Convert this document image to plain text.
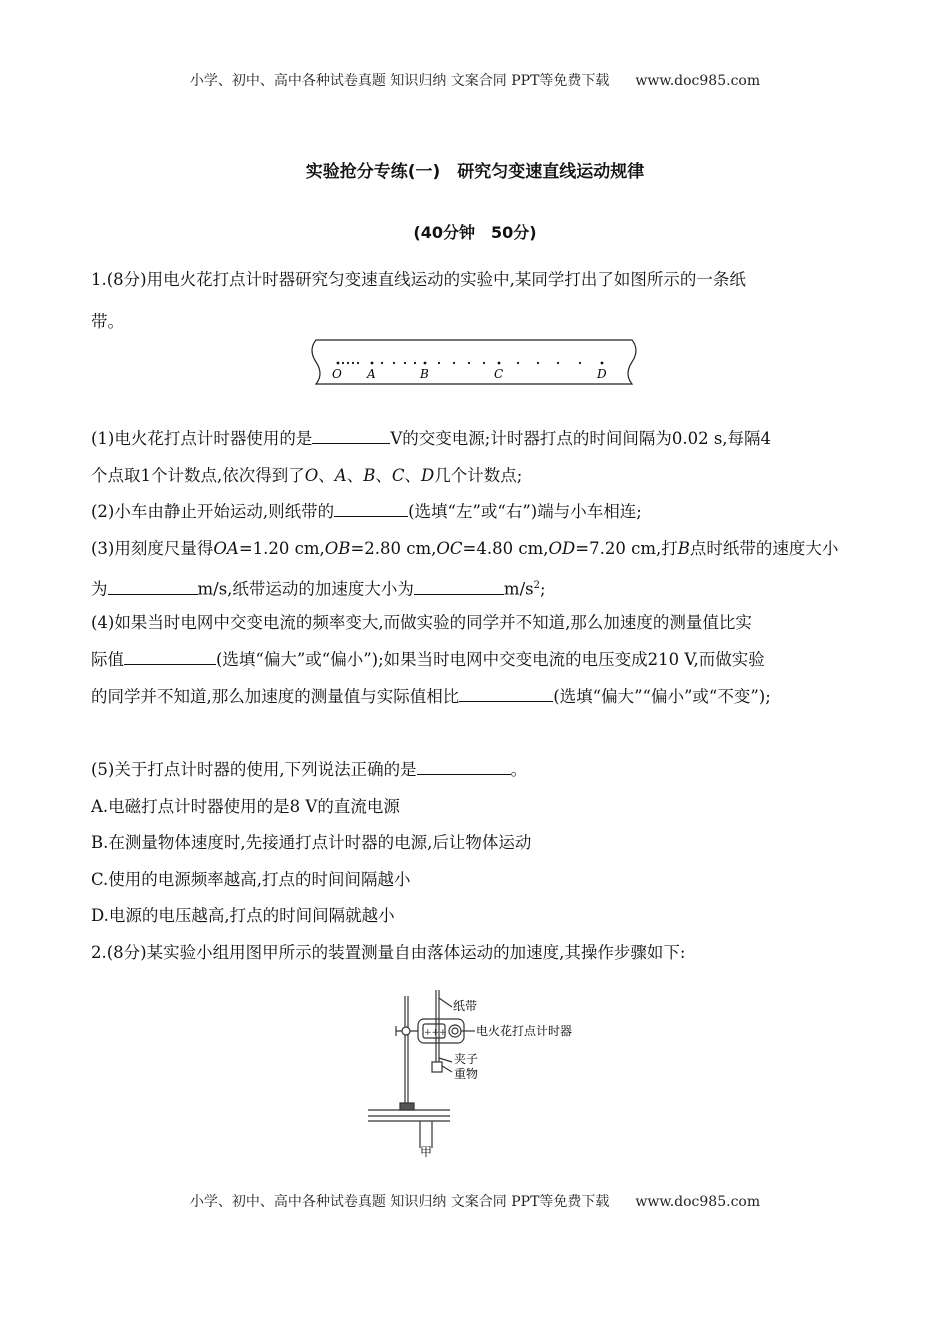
小学、初中、高中各种试卷真题 知识归纳 文案合同 PPT等免费下载 www.doc985.com
实验抢分专练(一)　研究匀变速直线运动规律
(40分钟　50分)
1.(8分)用电火花打点计时器研究匀变速直线运动的实验中,某同学打出了如图所示的一条纸
带。
O A	B	C	D
(1)电火花打点计时器使用的是	V的交变电源;计时器打点的时间间隔为0.02 s,每隔4
个点取1个计数点,依次得到了O、A、B、C、D几个计数点;
(2)小车由静止开始运动,则纸带的	(选填“左”或“右”)端与小车相连;
(3)用刻度尺量得OA=1.20 cm,OB=2.80 cm,OC=4.80 cm,OD=7.20 cm,打B点时纸带的速度大小
为	m/s,纸带运动的加速度大小为	$m/s^2$;
(4)如果当时电网中交变电流的频率变大,而做实验的同学并不知道,那么加速度的测量值比实
际值	(选填“偏大”或“偏小”);如果当时电网中交变电流的电压变成210 V,而做实验
的同学并不知道,那么加速度的测量值与实际值相比	(选填“偏大”“偏小”或“不变”);
(5)关于打点计时器的使用,下列说法正确的是	。
A.电磁打点计时器使用的是8 V的直流电源
B.在测量物体速度时,先接通打点计时器的电源,后让物体运动
C.使用的电源频率越高,打点的时间间隔越小
D.电源的电压越高,打点的时间间隔就越小
2.(8分)某实验小组用图甲所示的装置测量自由落体运动的加速度,其操作步骤如下:
+++
纸带
电火花打点计时器
夹子
重物
甲
小学、初中、高中各种试卷真题 知识归纳 文案合同 PPT等免费下载 www.doc985.com
